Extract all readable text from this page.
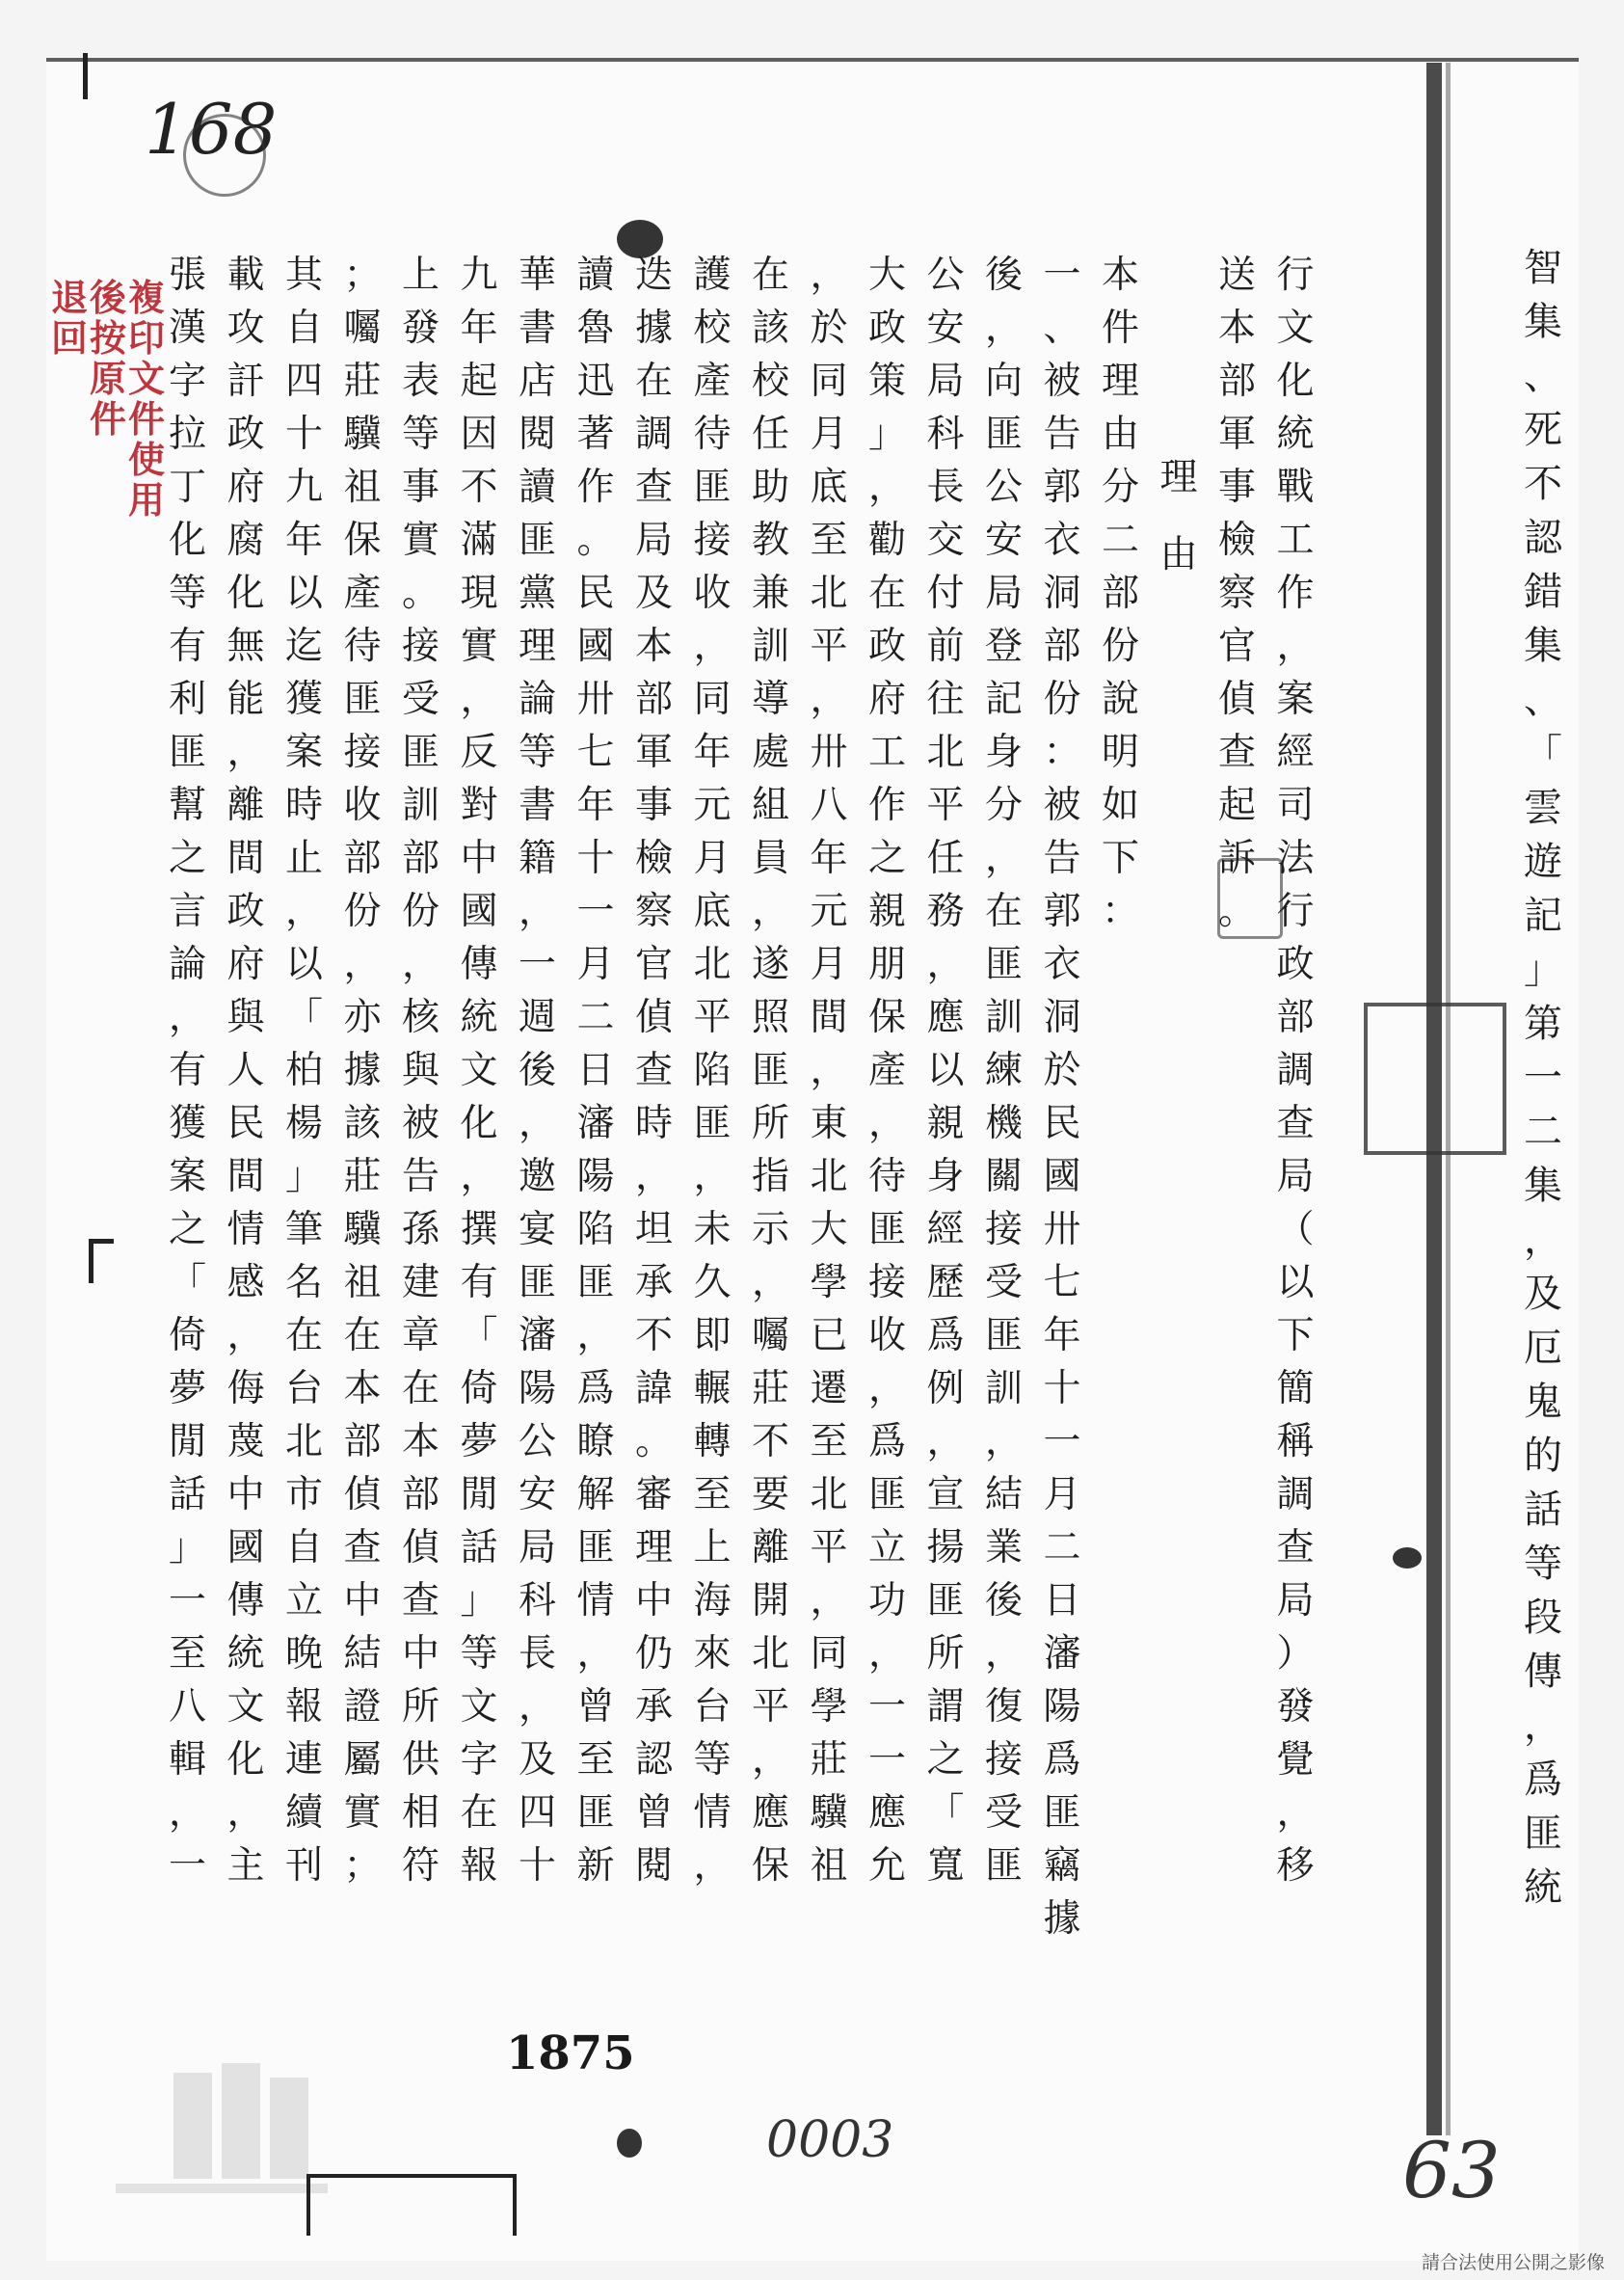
168
複
印
文
件
使
用
後
按
原
件
退
回
智
集
、
死
不
認
錯
集
、
「
雲
遊
記
」
第
一
二
集
，
及
厄
鬼
的
話
等
段
傳
，
爲
匪
統
行
文
化
統
戰
工
作
，
案
經
司
法
行
政
部
調
查
局
（
以
下
簡
稱
調
查
局
）
發
覺
，
移
送
本
部
軍
事
檢
察
官
偵
查
起
訴
。
理
由
本
件
理
由
分
二
部
份
說
明
如
下
：
一
、
被
告
郭
衣
洞
部
份
：
被
告
郭
衣
洞
於
民
國
卅
七
年
十
一
月
二
日
瀋
陽
爲
匪
竊
據
後
，
向
匪
公
安
局
登
記
身
分
，
在
匪
訓
練
機
關
接
受
匪
訓
，
結
業
後
，
復
接
受
匪
公
安
局
科
長
交
付
前
往
北
平
任
務
，
應
以
親
身
經
歷
爲
例
，
宣
揚
匪
所
謂
之
「
寬
大
政
策
」
，
勸
在
政
府
工
作
之
親
朋
保
產
，
待
匪
接
收
，
爲
匪
立
功
，
一
一
應
允
，
於
同
月
底
至
北
平
，
卅
八
年
元
月
間
，
東
北
大
學
已
遷
至
北
平
，
同
學
莊
驥
祖
在
該
校
任
助
教
兼
訓
導
處
組
員
，
遂
照
匪
所
指
示
，
囑
莊
不
要
離
開
北
平
，
應
保
護
校
產
待
匪
接
收
，
同
年
元
月
底
北
平
陷
匪
，
未
久
即
輾
轉
至
上
海
來
台
等
情
，
迭
據
在
調
查
局
及
本
部
軍
事
檢
察
官
偵
查
時
，
坦
承
不
諱
。
審
理
中
仍
承
認
曾
閱
讀
魯
迅
著
作
。
民
國
卅
七
年
十
一
月
二
日
瀋
陽
陷
匪
，
爲
瞭
解
匪
情
，
曾
至
匪
新
華
書
店
閱
讀
匪
黨
理
論
等
書
籍
，
一
週
後
，
邀
宴
匪
瀋
陽
公
安
局
科
長
，
及
四
十
九
年
起
因
不
滿
現
實
，
反
對
中
國
傳
統
文
化
，
撰
有
「
倚
夢
閒
話
」
等
文
字
在
報
上
發
表
等
事
實
。
接
受
匪
訓
部
份
，
核
與
被
告
孫
建
章
在
本
部
偵
查
中
所
供
相
符
；
囑
莊
驥
祖
保
產
待
匪
接
收
部
份
，
亦
據
該
莊
驥
祖
在
本
部
偵
查
中
結
證
屬
實
；
其
自
四
十
九
年
以
迄
獲
案
時
止
，
以
「
柏
楊
」
筆
名
在
台
北
市
自
立
晚
報
連
續
刊
載
攻
訐
政
府
腐
化
無
能
，
離
間
政
府
與
人
民
間
情
感
，
侮
蔑
中
國
傳
統
文
化
，
主
張
漢
字
拉
丁
化
等
有
利
匪
幫
之
言
論
，
有
獲
案
之
「
倚
夢
閒
話
」
一
至
八
輯
，
一
1875
0003	63
請合法使用公開之影像
